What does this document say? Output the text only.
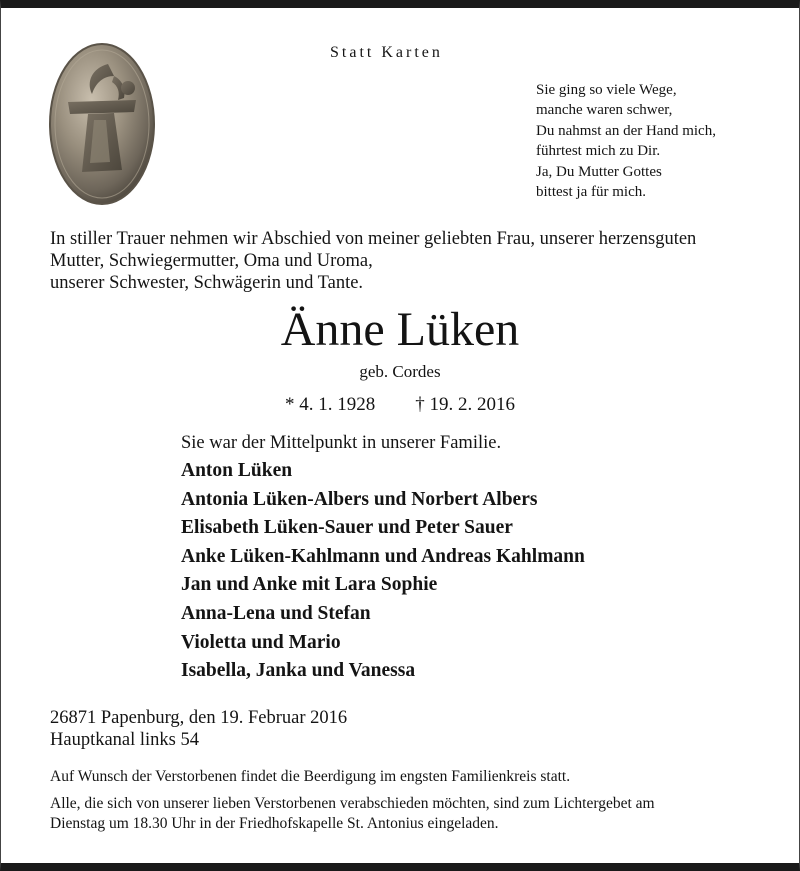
Statt Karten
Sie ging so viele Wege,
manche waren schwer,
Du nahmst an der Hand mich,
führtest mich zu Dir.
Ja, Du Mutter Gottes
bittest ja für mich.
In stiller Trauer nehmen wir Abschied von meiner geliebten Frau, unserer herzensguten
Mutter, Schwiegermutter, Oma und Uroma,
unserer Schwester, Schwägerin und Tante.
Änne Lüken
geb. Cordes
* 4. 1. 1928 † 19. 2. 2016
Sie war der Mittelpunkt in unserer Familie.
Anton Lüken
Antonia Lüken-Albers und Norbert Albers
Elisabeth Lüken-Sauer und Peter Sauer
Anke Lüken-Kahlmann und Andreas Kahlmann
Jan und Anke mit Lara Sophie
Anna-Lena und Stefan
Violetta und Mario
Isabella, Janka und Vanessa
26871 Papenburg, den 19. Februar 2016
Hauptkanal links 54
Auf Wunsch der Verstorbenen findet die Beerdigung im engsten Familienkreis statt.
Alle, die sich von unserer lieben Verstorbenen verabschieden möchten, sind zum Lichtergebet am
Dienstag um 18.30 Uhr in der Friedhofskapelle St. Antonius eingeladen.
